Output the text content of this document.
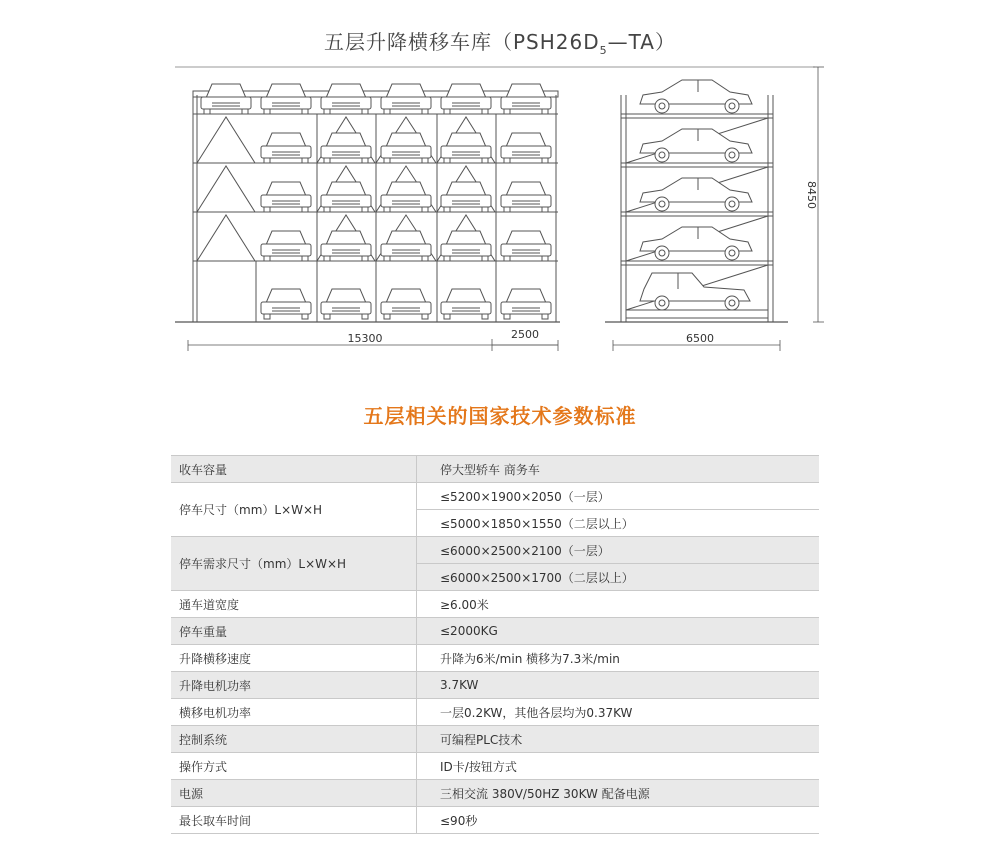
五层升降横移车库$(PSH26D_5—TA)$
15300	2500	6500
8450
五层相关的国家技术参数标准
收车容量	停大型轿车 商务车
停车尺寸（mm）L×W×H	≤5200×1900×2050（一层）
	≤5000×1850×1550（二层以上）
停车需求尺寸（mm）L×W×H	≤6000×2500×2100（一层）
	≤6000×2500×1700（二层以上）
通车道宽度	≥6.00米
停车重量	≤2000KG
升降横移速度	升降为6米/min 横移为7.3米/min
升降电机功率	3.7KW
横移电机功率	一层0.2KW，其他各层均为0.37KW
控制系统	可编程PLC技术
操作方式	ID卡/按钮方式
电源	三相交流 380V/50HZ 30KW 配备电源
最长取车时间	≤90秒
